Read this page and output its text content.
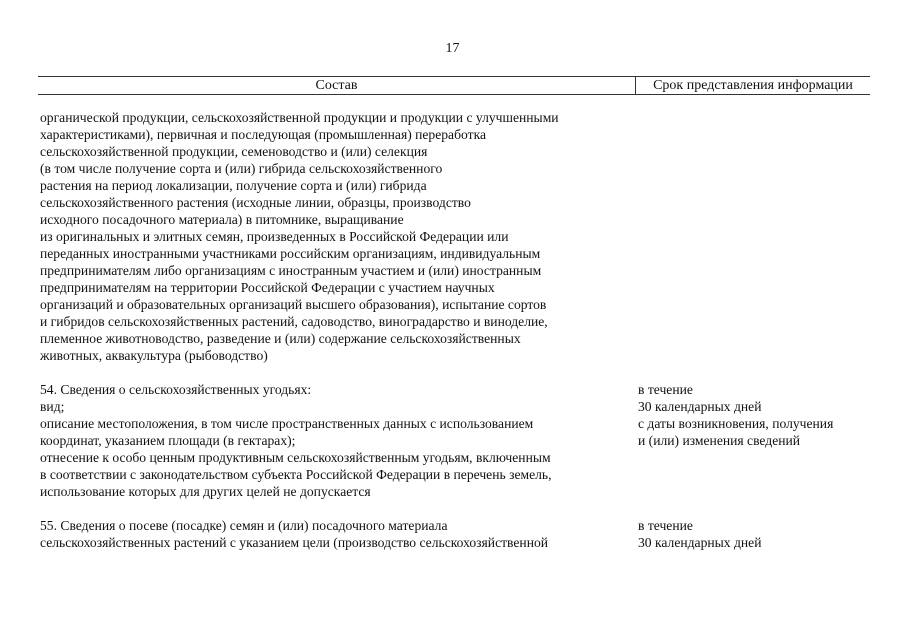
17
Состав	Срок представления информации
органической продукции, сельскохозяйственной продукции и продукции с улучшенными
характеристиками), первичная и последующая (промышленная) переработка
сельскохозяйственной продукции, семеноводство и (или) селекция
(в том числе получение сорта и (или) гибрида сельскохозяйственного
растения на период локализации, получение сорта и (или) гибрида
сельскохозяйственного растения (исходные линии, образцы, производство
исходного посадочного материала) в питомнике, выращивание
из оригинальных и элитных семян, произведенных в Российской Федерации или
переданных иностранными участниками российским организациям, индивидуальным
предпринимателям либо организациям с иностранным участием и (или) иностранным
предпринимателям на территории Российской Федерации с участием научных
организаций и образовательных организаций высшего образования), испытание сортов
и гибридов сельскохозяйственных растений, садоводство, виноградарство и виноделие,
племенное животноводство, разведение и (или) содержание сельскохозяйственных
животных, аквакультура (рыбоводство)
54. Сведения о сельскохозяйственных угодьях:
вид;
описание местоположения, в том числе пространственных данных с использованием
координат, указанием площади (в гектарах);
отнесение к особо ценным продуктивным сельскохозяйственным угодьям, включенным
в соответствии с законодательством субъекта Российской Федерации в перечень земель,
использование которых для других целей не допускается
в течение
30 календарных дней
с даты возникновения, получения
и (или) изменения сведений
55. Сведения о посеве (посадке) семян и (или) посадочного материала
сельскохозяйственных растений с указанием цели (производство сельскохозяйственной
в течение
30 календарных дней
